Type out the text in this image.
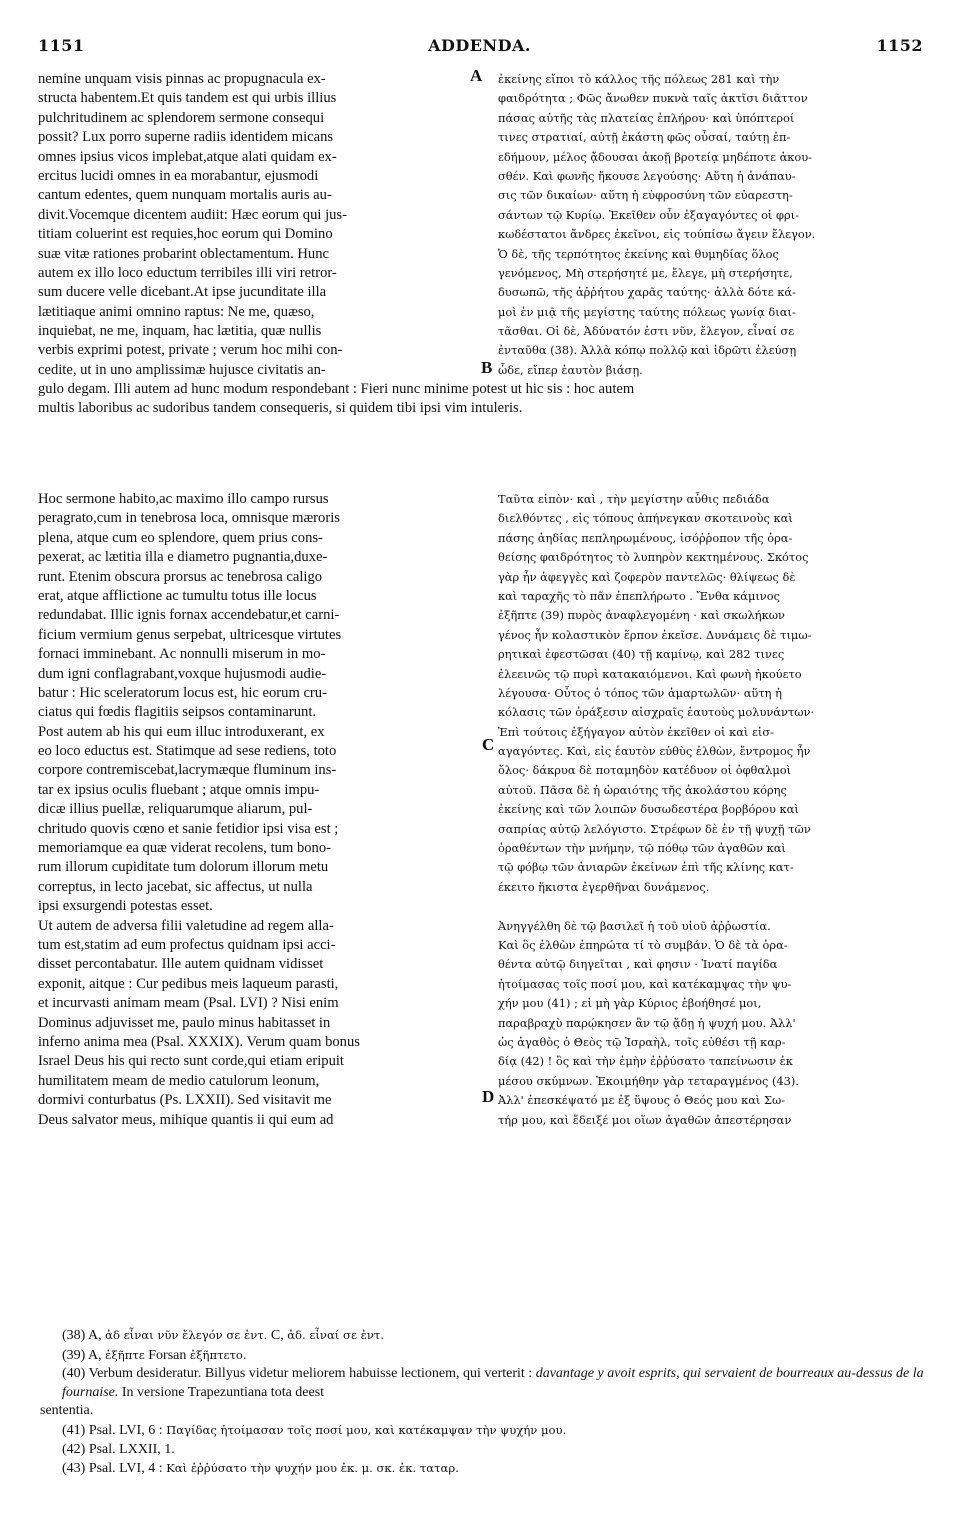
1151	ADDENDA.	1152
A
B
C
D
nemine unquam visis pinnas ac propugnacula ex-
structa habentem.Et quis tandem est qui urbis illius
pulchritudinem ac splendorem sermone consequi
possit? Lux porro superne radiis identidem micans
omnes ipsius vicos implebat,atque alati quidam ex-
ercitus lucidi omnes in ea morabantur, ejusmodi
cantum edentes, quem nunquam mortalis auris au-
divit.Vocemque dicentem audiit: Hæc eorum qui jus-
titiam coluerint est requies,hoc eorum qui Domino
suæ vitæ rationes probarint oblectamentum. Hunc
autem ex illo loco eductum terribiles illi viri retror-
sum ducere velle dicebant.At ipse jucunditate illa
lætitiaque animi omnino raptus: Ne me, quæso,
inquiebat, ne me, inquam, hac lætitia, quæ nullis
verbis exprimi potest, private ; verum hoc mihi con-
cedite, ut in uno amplissimæ hujusce civitatis an-
ἐκείνης εἴποι τὸ κάλλος τῆς πόλεως 281 καὶ τὴν
φαιδρότητα ; Φῶς ἄνωθεν πυκνὰ ταῖς ἀκτῖσι διᾶττον
πάσας αὐτῆς τὰς πλατείας ἐπλήρου· καὶ ὑπόπτεροί
τινες στρατιαί, αὐτῇ ἑκάστη φῶς οὖσαί, ταύτῃ ἐπ-
εδήμουν, μέλος ᾄδουσαι ἀκοῇ βροτείᾳ μηδέποτε ἀκου-
σθέν. Καὶ φωνῆς ἤκουσε λεγούσης· Αὕτη ἡ ἀνάπαυ-
σις τῶν δικαίων· αὕτη ἡ εὐφροσύνη τῶν εὐαρεστη-
σάντων τῷ Κυρίῳ. Ἐκεῖθεν οὖν ἐξαγαγόντες οἱ φρι-
κωδέστατοι ἄνδρες ἐκεῖνοι, εἰς τούπίσω ἄγειν ἔλεγον.
Ὁ δὲ, τῆς τερπότητος ἐκείνης καὶ θυμηδίας ὅλος
γενόμενος, Μὴ στερήσητέ με, ἔλεγε, μὴ στερήσητε,
δυσωπῶ, τῆς ἀῤῥήτου χαρᾶς ταύτης· ἀλλὰ δότε κά-
μοὶ ἐν μιᾷ τῆς μεγίστης ταύτης πόλεως γωνίᾳ διαι-
τᾶσθαι. Οἱ δὲ, Ἀδύνατόν ἐστι νῦν, ἔλεγον, εἶναί σε
ἐνταῦθα (38). Ἀλλὰ κόπῳ πολλῷ καὶ ἱδρῶτι ἐλεύσῃ
ὧδε, εἴπερ ἑαυτὸν βιάσῃ.
gulo degam. Illi autem ad hunc modum respondebant : Fieri nunc minime potest ut hic sis : hoc autem
multis laboribus ac sudoribus tandem consequeris, si quidem tibi ipsi vim intuleris.
Hoc sermone habito,ac maximo illo campo rursus
peragrato,cum in tenebrosa loca, omnisque mæroris
plena, atque cum eo splendore, quem prius cons-
pexerat, ac lætitia illa e diametro pugnantia,duxe-
runt. Etenim obscura prorsus ac tenebrosa caligo
erat, atque afflictione ac tumultu totus ille locus
redundabat. Illic ignis fornax accendebatur,et carni-
ficium vermium genus serpebat, ultricesque virtutes
fornaci imminebant. Ac nonnulli miserum in mo-
dum igni conflagrabant,voxque hujusmodi audie-
batur : Hic sceleratorum locus est, hic eorum cru-
ciatus qui fœdis flagitiis seipsos contaminarunt.
Post autem ab his qui eum illuc introduxerant, ex
eo loco eductus est. Statimque ad sese rediens, toto
corpore contremiscebat,lacrymæque fluminum ins-
tar ex ipsius oculis fluebant ; atque omnis impu-
dicæ illius puellæ, reliquarumque aliarum, pul-
chritudo quovis cœno et sanie fetidior ipsi visa est ;
memoriamque ea quæ viderat recolens, tum bono-
rum illorum cupiditate tum dolorum illorum metu
correptus, in lecto jacebat, sic affectus, ut nulla
ipsi exsurgendi potestas esset.
Ut autem de adversa filii valetudine ad regem alla-
tum est,statim ad eum profectus quidnam ipsi acci-
disset percontabatur. Ille autem quidnam vidisset
exponit, aitque : Cur pedibus meis laqueum parasti,
et incurvasti animam meam (Psal. LVI) ? Nisi enim
Dominus adjuvisset me, paulo minus habitasset in
inferno anima mea (Psal. XXXIX). Verum quam bonus
Israel Deus his qui recto sunt corde,qui etiam eripuit
humilitatem meam de medio catulorum leonum,
dormivi conturbatus (Ps. LXXII). Sed visitavit me
Deus salvator meus, mihique quantis ii qui eum ad
Ταῦτα εἰπὸν· καὶ , τὴν μεγίστην αὖθις πεδιάδα
διελθόντες , εἰς τόπους ἀπήνεγκαν σκοτεινοὺς καὶ
πάσης ἀηδίας πεπληρωμένους, ἰσόῤῥοπον τῆς ὁρα-
θείσης φαιδρότητος τὸ λυπηρὸν κεκτημένους. Σκότος
γὰρ ἦν ἀφεγγὲς καὶ ζοφερὸν παντελῶς· θλίψεως δὲ
καὶ ταραχῆς τὸ πᾶν ἐπεπλήρωτο . Ἔνθα κάμινος
ἐξῆπτε (39) πυρὸς ἀναφλεγομένη · καὶ σκωλήκων
γένος ἦν κολαστικὸν ἕρπον ἐκεῖσε. Δυνάμεις δὲ τιμω-
ρητικαὶ ἐφεστῶσαι (40) τῇ καμίνῳ, καὶ 282 τινες
ἐλεεινῶς τῷ πυρὶ κατακαιόμενοι. Καὶ φωνὴ ἠκούετο
λέγουσα· Οὗτος ὁ τόπος τῶν ἁμαρτωλῶν· αὕτη ἡ
κόλασις τῶν ὀράξεσιν αἰσχραῖς ἑαυτοὺς μολυνάντων·
Ἐπὶ τούτοις ἐξήγαγον αὐτὸν ἐκεῖθεν οἱ καὶ εἰσ-
αγαγόντες. Καὶ, εἰς ἑαυτὸν εὐθὺς ἐλθὼν, ἔντρομος ἦν
ὅλος· δάκρυα δὲ ποταμηδὸν κατέδυον οἱ ὀφθαλμοὶ
αὐτοῦ. Πᾶσα δὲ ἡ ὡραιότης τῆς ἀκολάστου κόρης
ἐκείνης καὶ τῶν λοιπῶν δυσωδεστέρα βορβόρου καὶ
σαπρίας αὐτῷ λελόγιστο. Στρέφων δὲ ἐν τῇ ψυχῇ τῶν
ὁραθέντων τὴν μνήμην, τῷ πόθῳ τῶν ἀγαθῶν καὶ
τῷ φόβῳ τῶν ἀνιαρῶν ἐκείνων ἐπὶ τῆς κλίνης κατ-
έκειτο ἥκιστα ἐγερθῆναι δυνάμενος.
Ἀνηγγέλθη δὲ τῷ βασιλεῖ ἡ τοῦ υἱοῦ ἀῤῥωστία.
Καὶ ὃς ἐλθὼν ἐπηρώτα τί τὸ συμβάν. Ὁ δὲ τὰ ὁρα-
θέντα αὐτῷ διηγεῖται , καὶ φησιν · Ἱνατί παγίδα
ἡτοίμασας τοῖς ποσί μου, καὶ κατέκαμψας τὴν ψυ-
χήν μου (41) ; εἰ μὴ γὰρ Κύριος ἐβοήθησέ μοι,
παραβραχὺ παρῴκησεν ἂν τῷ ᾅδῃ ἡ ψυχή μου. Ἀλλ'
ὡς ἀγαθὸς ὁ Θεὸς τῷ Ἰσραὴλ, τοῖς εὐθέσι τῇ καρ-
δίᾳ (42) ! ὃς καὶ τὴν ἐμὴν ἐῤῥύσατο ταπείνωσιν ἐκ
μέσου σκύμνων. Ἐκοιμήθην γὰρ τεταραγμένος (43).
Ἀλλ' ἐπεσκέψατό με ἐξ ὕψους ὁ Θεός μου καὶ Σω-
τήρ μου, καὶ ἔδειξέ μοι οἵων ἀγαθῶν ἀπεστέρησαν
(38) A, ἀδ εἶναι νῦν ἔλεγόν σε ἐντ. C, ἀδ. εἶναί σε ἐντ.
(39) A, ἐξῆπτε Forsan ἐξῆπτετο.
(40) Verbum desideratur. Billyus videtur meliorem habuisse lectionem, qui verterit : davantage y avoit esprits, qui servaient de bourreaux au-dessus de la fournaise. In versione Trapezuntiana tota deest
sententia.
(41) Psal. LVI, 6 : Παγίδας ἡτοίμασαν τοῖς ποσί μου, καὶ κατέκαμψαν τὴν ψυχήν μου.
(42) Psal. LXXII, 1.
(43) Psal. LVI, 4 : Καὶ ἐῤῥύσατο τὴν ψυχήν μου ἐκ. μ. σκ. ἐκ. ταταρ.
